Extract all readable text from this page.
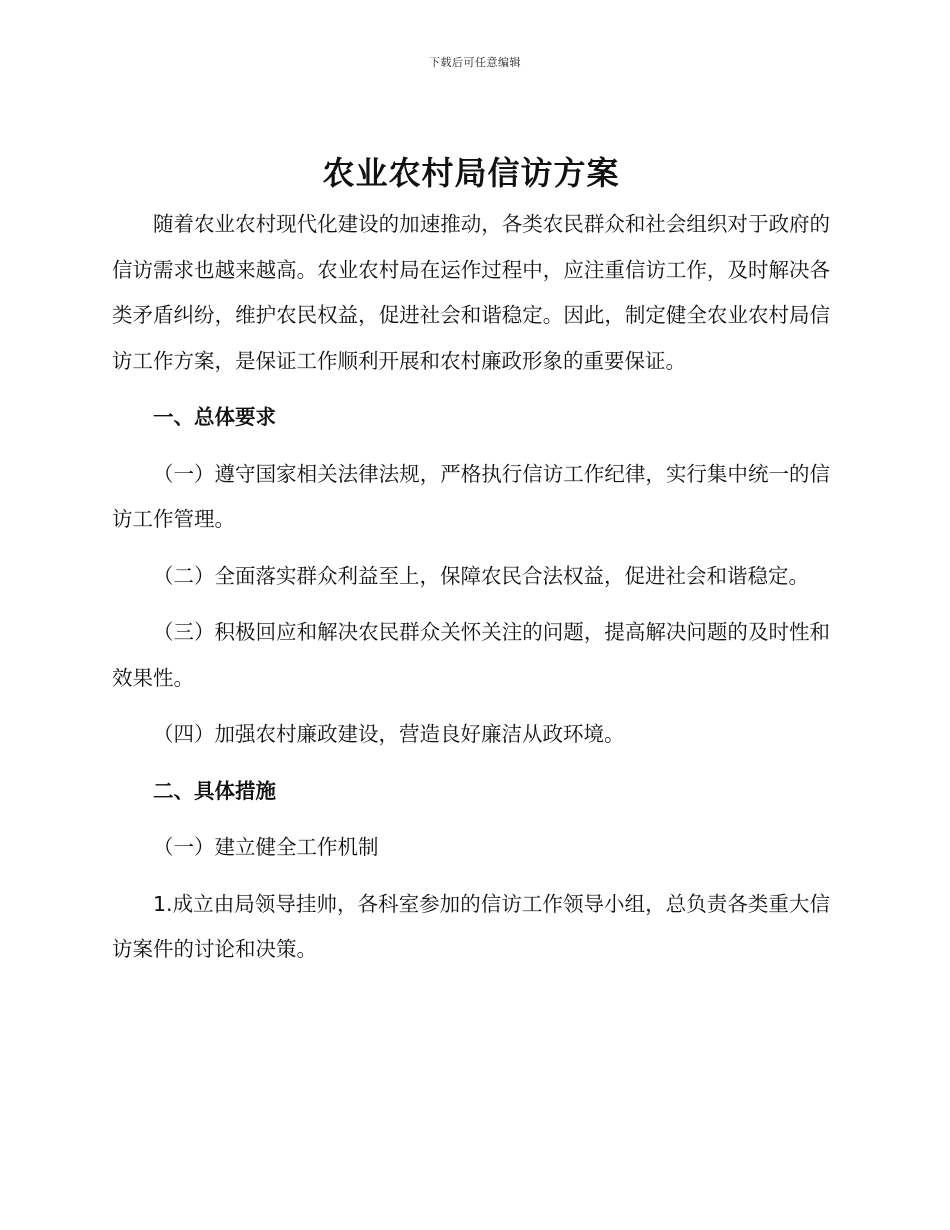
下载后可任意编辑
农业农村局信访方案

随着农业农村现代化建设的加速推动，各类农民群众和社会组织对于政府的信访需求也越来越高。农业农村局在运作过程中，应注重信访工作，及时解决各类矛盾纠纷，维护农民权益，促进社会和谐稳定。因此，制定健全农业农村局信访工作方案，是保证工作顺利开展和农村廉政形象的重要保证。

一、总体要求

（一）遵守国家相关法律法规，严格执行信访工作纪律，实行集中统一的信访工作管理。

（二）全面落实群众利益至上，保障农民合法权益，促进社会和谐稳定。

（三）积极回应和解决农民群众关怀关注的问题，提高解决问题的及时性和效果性。

（四）加强农村廉政建设，营造良好廉洁从政环境。

二、具体措施

（一）建立健全工作机制

1.成立由局领导挂帅，各科室参加的信访工作领导小组，总负责各类重大信访案件的讨论和决策。
